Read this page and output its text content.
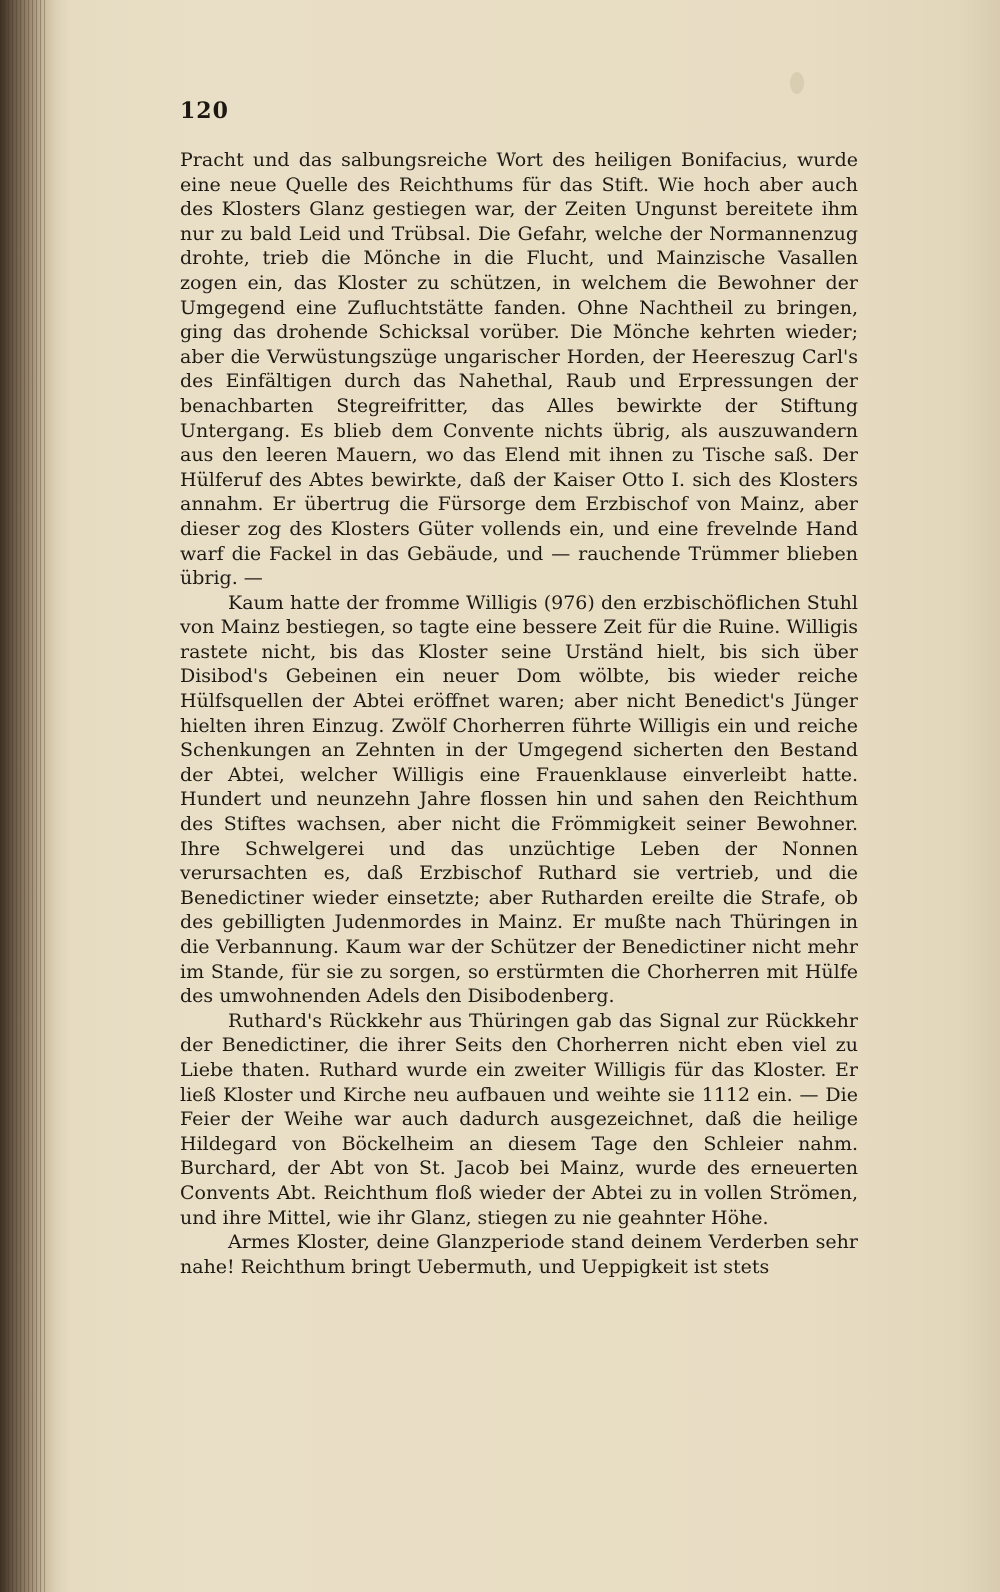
120

Pracht und das salbungsreiche Wort des heiligen Bonifacius, wurde eine neue Quelle des Reichthums für das Stift. Wie hoch aber auch des Klosters Glanz gestiegen war, der Zeiten Ungunst bereitete ihm nur zu bald Leid und Trübsal. Die Gefahr, welche der Normannenzug drohte, trieb die Mönche in die Flucht, und Mainzische Vasallen zogen ein, das Kloster zu schützen, in welchem die Bewohner der Umgegend eine Zufluchtstätte fanden. Ohne Nachtheil zu bringen, ging das drohende Schicksal vorüber. Die Mönche kehrten wieder; aber die Verwüstungszüge ungarischer Horden, der Heereszug Carl's des Einfältigen durch das Nahethal, Raub und Erpressungen der benachbarten Stegreifritter, das Alles bewirkte der Stiftung Untergang. Es blieb dem Convente nichts übrig, als auszuwandern aus den leeren Mauern, wo das Elend mit ihnen zu Tische saß. Der Hülferuf des Abtes bewirkte, daß der Kaiser Otto I. sich des Klosters annahm. Er übertrug die Fürsorge dem Erzbischof von Mainz, aber dieser zog des Klosters Güter vollends ein, und eine frevelnde Hand warf die Fackel in das Gebäude, und — rauchende Trümmer blieben übrig. —

Kaum hatte der fromme Willigis (976) den erzbischöflichen Stuhl von Mainz bestiegen, so tagte eine bessere Zeit für die Ruine. Willigis rastete nicht, bis das Kloster seine Urständ hielt, bis sich über Disibod's Gebeinen ein neuer Dom wölbte, bis wieder reiche Hülfsquellen der Abtei eröffnet waren; aber nicht Benedict's Jünger hielten ihren Einzug. Zwölf Chorherren führte Willigis ein und reiche Schenkungen an Zehnten in der Umgegend sicherten den Bestand der Abtei, welcher Willigis eine Frauenklause einverleibt hatte. Hundert und neunzehn Jahre flossen hin und sahen den Reichthum des Stiftes wachsen, aber nicht die Frömmigkeit seiner Bewohner. Ihre Schwelgerei und das unzüchtige Leben der Nonnen verursachten es, daß Erzbischof Ruthard sie vertrieb, und die Benedictiner wieder einsetzte; aber Rutharden ereilte die Strafe, ob des gebilligten Judenmordes in Mainz. Er mußte nach Thüringen in die Verbannung. Kaum war der Schützer der Benedictiner nicht mehr im Stande, für sie zu sorgen, so erstürmten die Chorherren mit Hülfe des umwohnenden Adels den Disibodenberg.

Ruthard's Rückkehr aus Thüringen gab das Signal zur Rückkehr der Benedictiner, die ihrer Seits den Chorherren nicht eben viel zu Liebe thaten. Ruthard wurde ein zweiter Willigis für das Kloster. Er ließ Kloster und Kirche neu aufbauen und weihte sie 1112 ein. — Die Feier der Weihe war auch dadurch ausgezeichnet, daß die heilige Hildegard von Böckelheim an diesem Tage den Schleier nahm. Burchard, der Abt von St. Jacob bei Mainz, wurde des erneuerten Convents Abt. Reichthum floß wieder der Abtei zu in vollen Strömen, und ihre Mittel, wie ihr Glanz, stiegen zu nie geahnter Höhe.

Armes Kloster, deine Glanzperiode stand deinem Verderben sehr nahe! Reichthum bringt Uebermuth, und Ueppigkeit ist stets
